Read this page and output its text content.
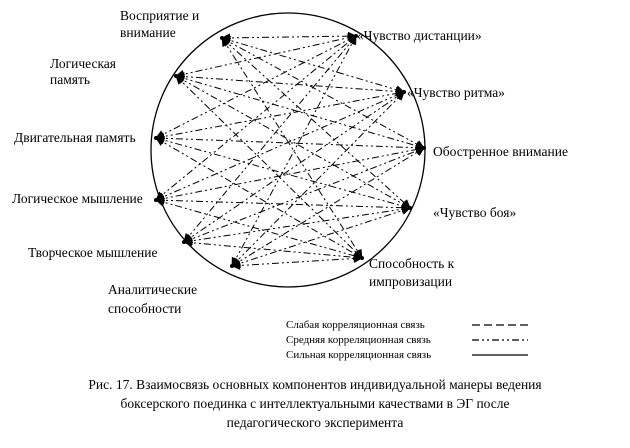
Восприятие и внимание	«Чувство дистанции»
Логическая память
«Чувство ритма»
Двигательная память
Обостренное внимание
Логическое мышление
«Чувство боя»
Творческое мышление
Способность к импровизации
Аналитические способности
Слабая корреляционная связь
Средняя корреляционная связь
Сильная корреляционная связь
Рис. 17. Взаимосвязь основных компонентов индивидуальной манеры ведения
боксерского поединка с интеллектуальными качествами в ЭГ после
педагогического эксперимента
